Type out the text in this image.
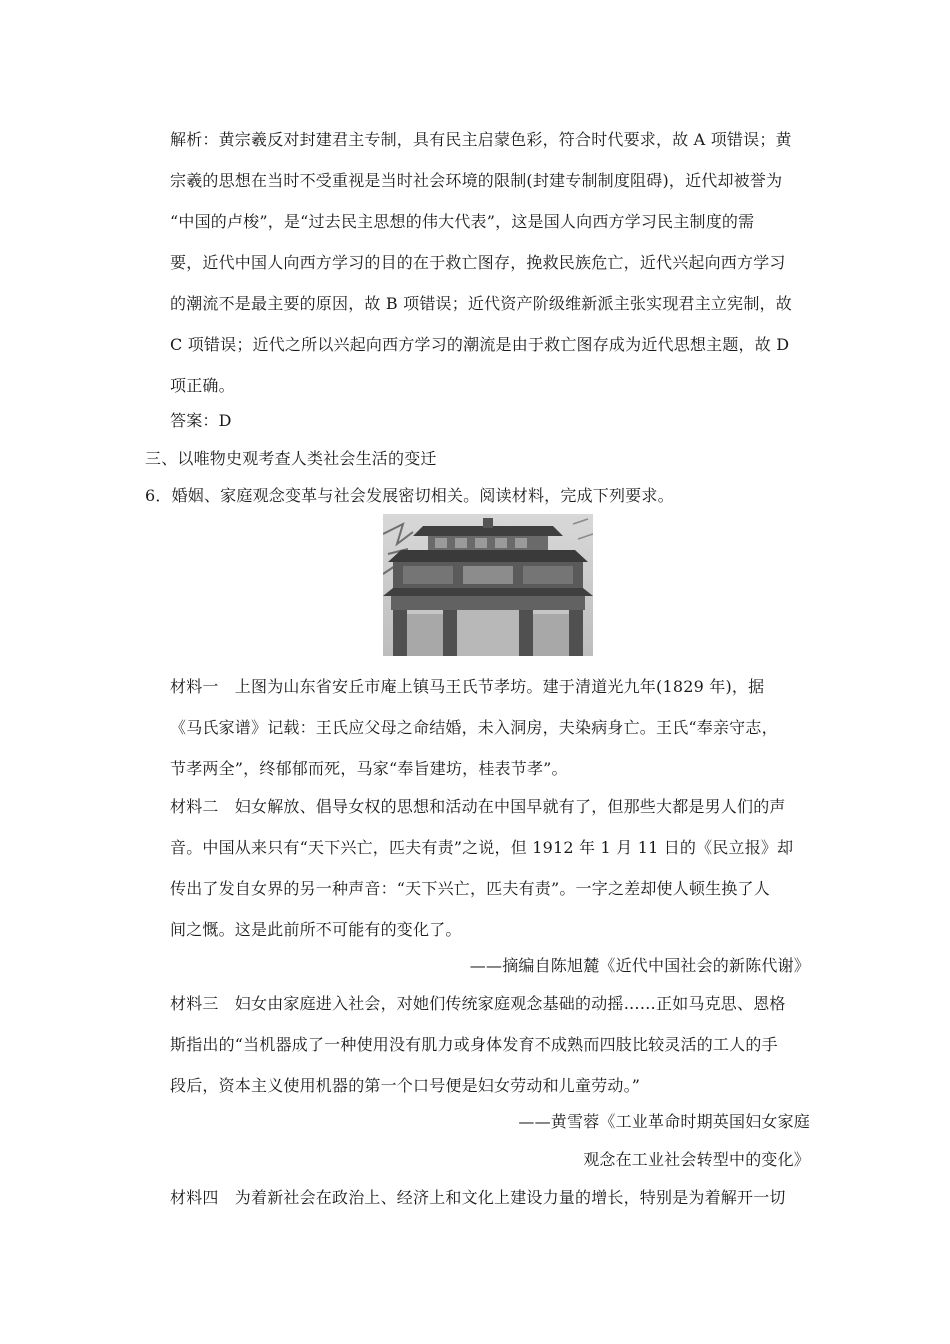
解析：黄宗羲反对封建君主专制，具有民主启蒙色彩，符合时代要求，故 A 项错误；黄
宗羲的思想在当时不受重视是当时社会环境的限制(封建专制制度阻碍)，近代却被誉为
“中国的卢梭”，是“过去民主思想的伟大代表”，这是国人向西方学习民主制度的需
要，近代中国人向西方学习的目的在于救亡图存，挽救民族危亡，近代兴起向西方学习
的潮流不是最主要的原因，故 B 项错误；近代资产阶级维新派主张实现君主立宪制，故
C 项错误；近代之所以兴起向西方学习的潮流是由于救亡图存成为近代思想主题，故 D
项正确。
答案：D
三、以唯物史观考查人类社会生活的变迁
6．婚姻、家庭观念变革与社会发展密切相关。阅读材料，完成下列要求。
材料一　上图为山东省安丘市庵上镇马王氏节孝坊。建于清道光九年(1829 年)，据
《马氏家谱》记载：王氏应父母之命结婚，未入洞房，夫染病身亡。王氏“奉亲守志，
节孝两全”，终郁郁而死，马家“奉旨建坊，桂表节孝”。
材料二　妇女解放、倡导女权的思想和活动在中国早就有了，但那些大都是男人们的声
音。中国从来只有“天下兴亡，匹夫有责”之说，但 1912 年 1 月 11 日的《民立报》却
传出了发自女界的另一种声音：“天下兴亡，匹夫有责”。一字之差却使人顿生换了人
间之慨。这是此前所不可能有的变化了。
——摘编自陈旭麓《近代中国社会的新陈代谢》
材料三　妇女由家庭进入社会，对她们传统家庭观念基础的动摇……正如马克思、恩格
斯指出的“当机器成了一种使用没有肌力或身体发育不成熟而四肢比较灵活的工人的手
段后，资本主义使用机器的第一个口号便是妇女劳动和儿童劳动。”
——黄雪蓉《工业革命时期英国妇女家庭
观念在工业社会转型中的变化》
材料四　为着新社会在政治上、经济上和文化上建设力量的增长，特别是为着解开一切
